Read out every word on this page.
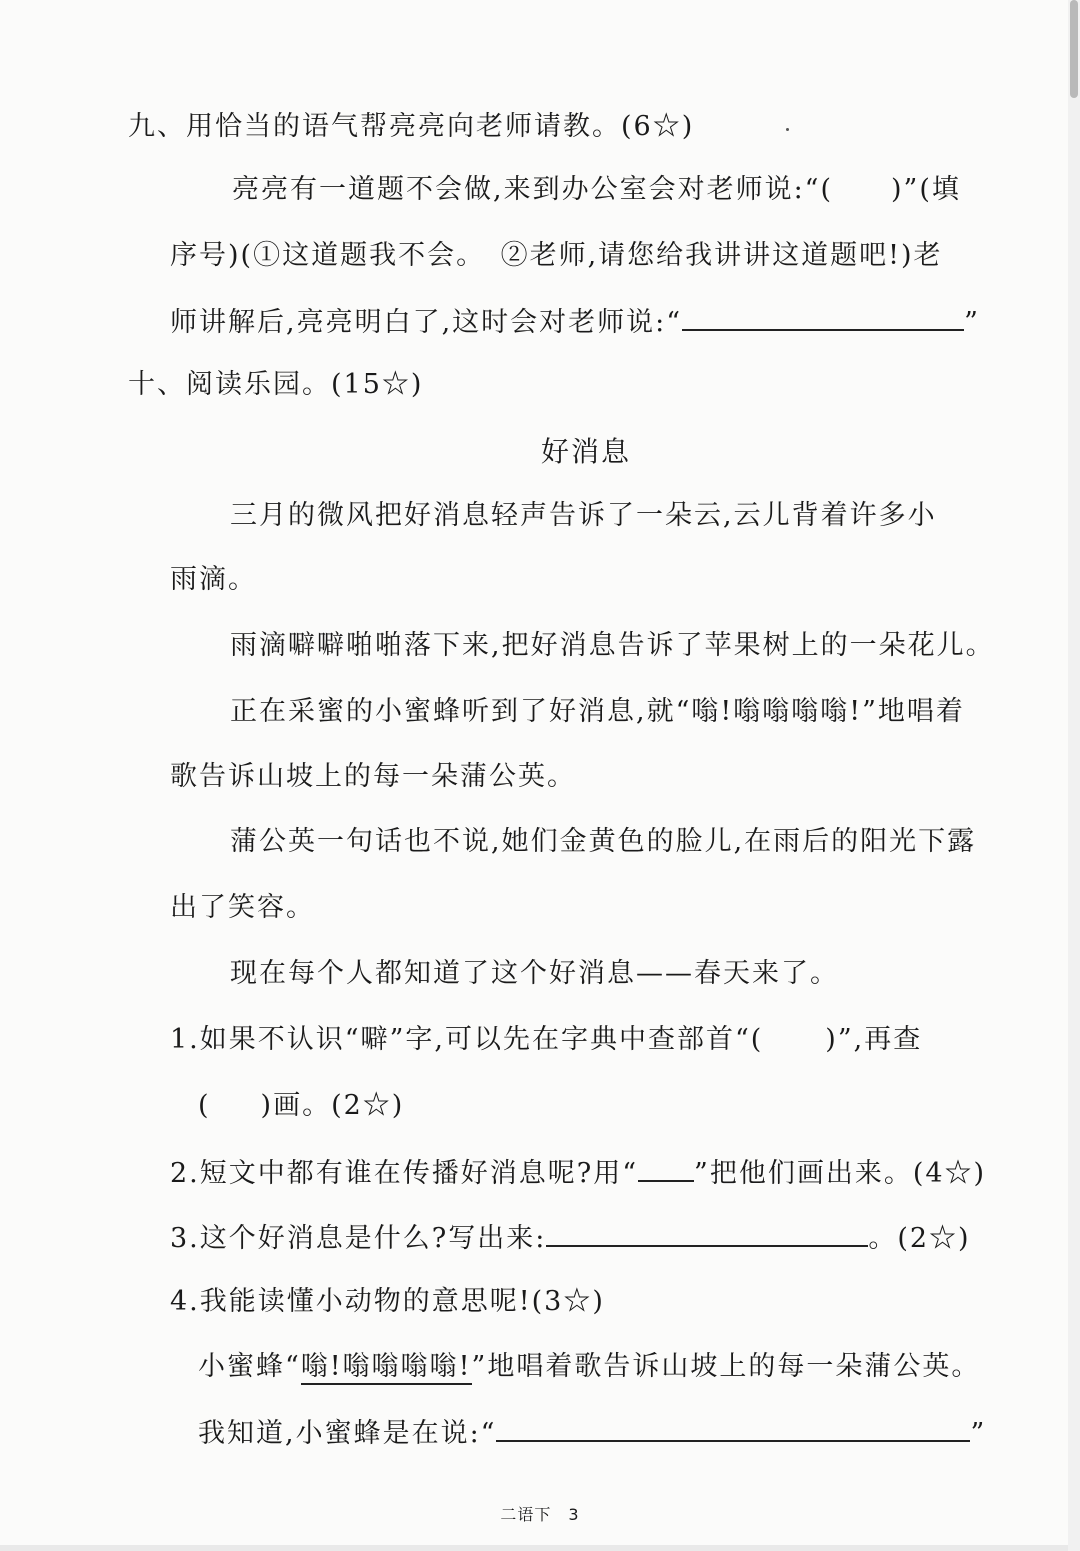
九、用恰当的语气帮亮亮向老师请教。(6☆)
亮亮有一道题不会做,来到办公室会对老师说:“( )”(填
序号)(①这道题我不会。　②老师,请您给我讲讲这道题吧!)老
师讲解后,亮亮明白了,这时会对老师说:“	”
十、阅读乐园。(15☆)
好消息
三月的微风把好消息轻声告诉了一朵云,云儿背着许多小
雨滴。
雨滴噼噼啪啪落下来,把好消息告诉了苹果树上的一朵花儿。
正在采蜜的小蜜蜂听到了好消息,就“嗡!嗡嗡嗡嗡!”地唱着
歌告诉山坡上的每一朵蒲公英。
蒲公英一句话也不说,她们金黄色的脸儿,在雨后的阳光下露
出了笑容。
现在每个人都知道了这个好消息——春天来了。
1.如果不认识“噼”字,可以先在字典中查部首“( )”,再查
( )画。(2☆)
2.短文中都有谁在传播好消息呢?用“ ”把他们画出来。(4☆)
3.这个好消息是什么?写出来:	。(2☆)
4.我能读懂小动物的意思呢!(3☆)
小蜜蜂“嗡!嗡嗡嗡嗡!”地唱着歌告诉山坡上的每一朵蒲公英。
我知道,小蜜蜂是在说:“	”
二语下　3
